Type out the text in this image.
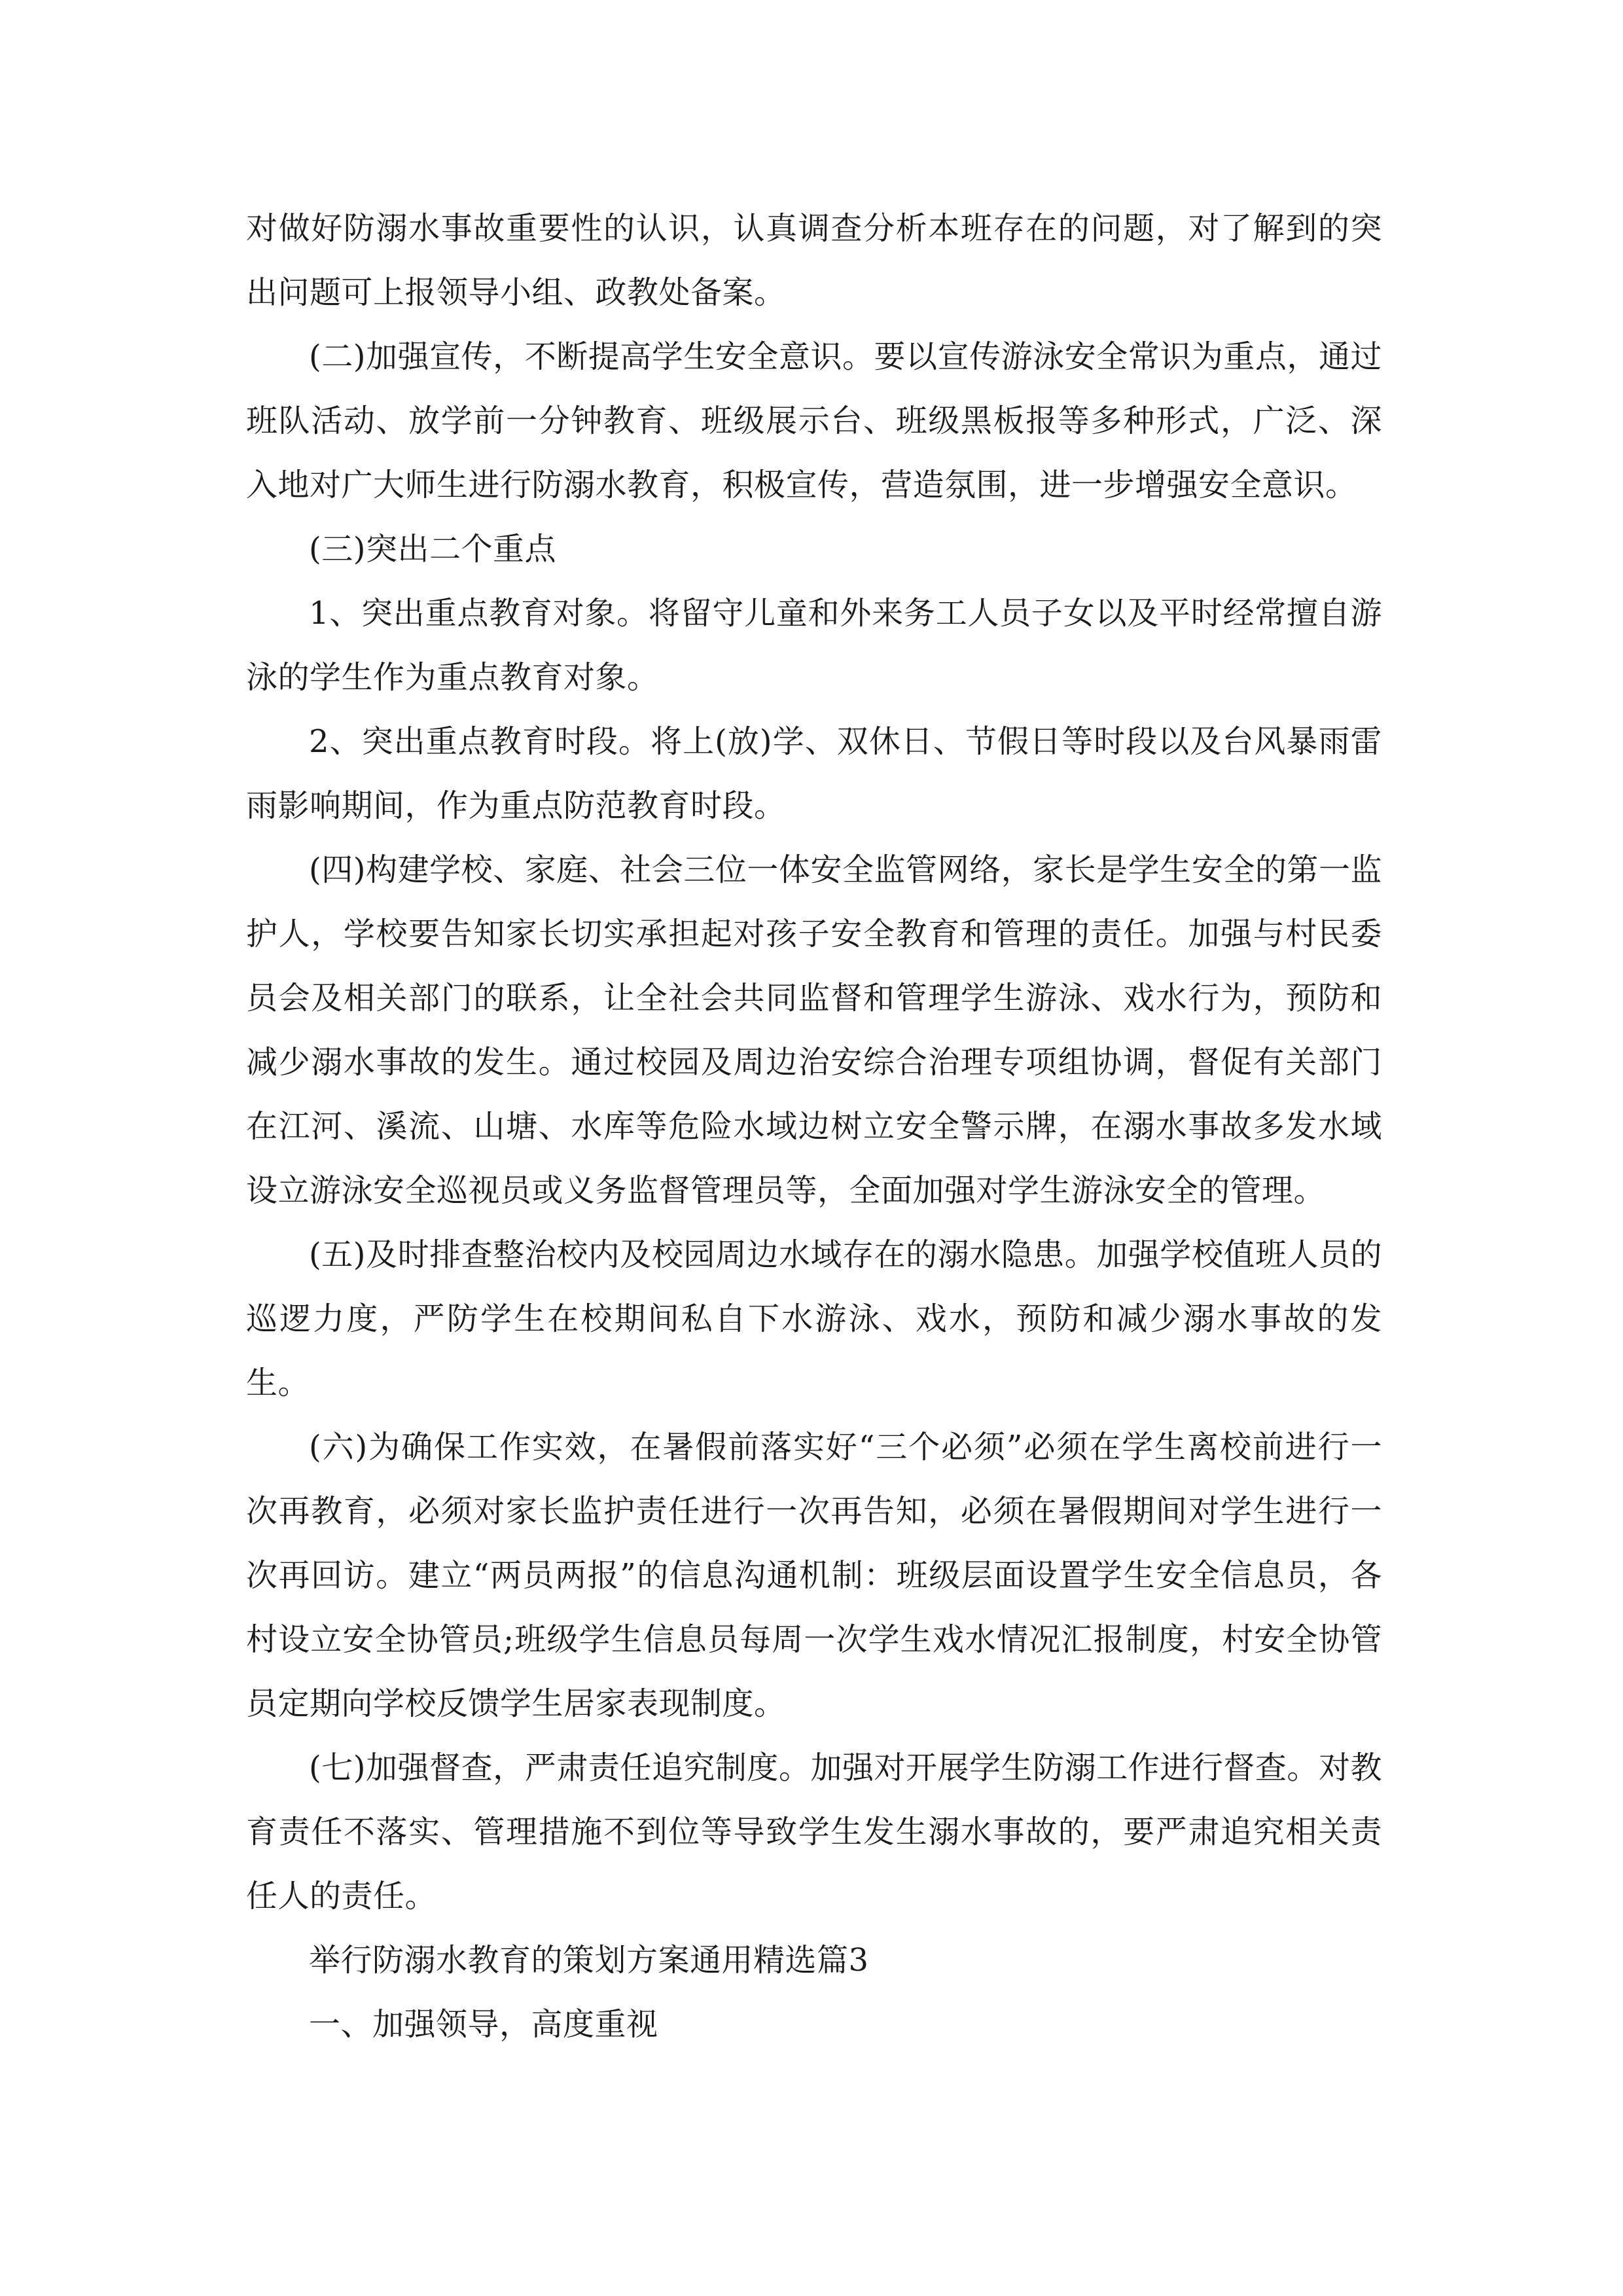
对做好防溺水事故重要性的认识，认真调查分析本班存在的问题，对了解到的突出问题可上报领导小组、政教处备案。

(二)加强宣传，不断提高学生安全意识。要以宣传游泳安全常识为重点，通过班队活动、放学前一分钟教育、班级展示台、班级黑板报等多种形式，广泛、深入地对广大师生进行防溺水教育，积极宣传，营造氛围，进一步增强安全意识。

(三)突出二个重点

1、突出重点教育对象。将留守儿童和外来务工人员子女以及平时经常擅自游泳的学生作为重点教育对象。

2、突出重点教育时段。将上(放)学、双休日、节假日等时段以及台风暴雨雷雨影响期间，作为重点防范教育时段。

(四)构建学校、家庭、社会三位一体安全监管网络，家长是学生安全的第一监护人，学校要告知家长切实承担起对孩子安全教育和管理的责任。加强与村民委员会及相关部门的联系，让全社会共同监督和管理学生游泳、戏水行为，预防和减少溺水事故的发生。通过校园及周边治安综合治理专项组协调，督促有关部门在江河、溪流、山塘、水库等危险水域边树立安全警示牌，在溺水事故多发水域设立游泳安全巡视员或义务监督管理员等，全面加强对学生游泳安全的管理。

(五)及时排查整治校内及校园周边水域存在的溺水隐患。加强学校值班人员的巡逻力度，严防学生在校期间私自下水游泳、戏水，预防和减少溺水事故的发生。

(六)为确保工作实效，在暑假前落实好“三个必须”必须在学生离校前进行一次再教育，必须对家长监护责任进行一次再告知，必须在暑假期间对学生进行一次再回访。建立“两员两报”的信息沟通机制：班级层面设置学生安全信息员，各村设立安全协管员;班级学生信息员每周一次学生戏水情况汇报制度，村安全协管员定期向学校反馈学生居家表现制度。

(七)加强督查，严肃责任追究制度。加强对开展学生防溺工作进行督查。对教育责任不落实、管理措施不到位等导致学生发生溺水事故的，要严肃追究相关责任人的责任。

举行防溺水教育的策划方案通用精选篇3

一、加强领导，高度重视
